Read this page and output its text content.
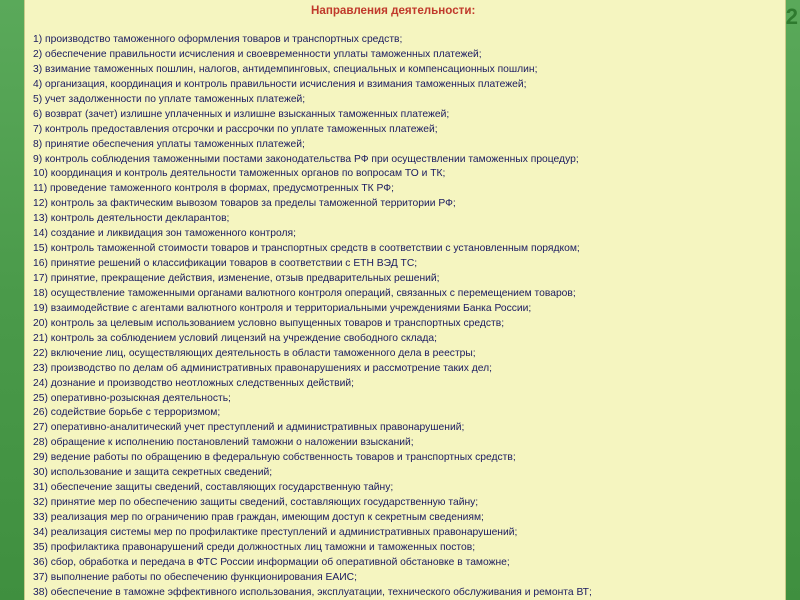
2
Направления деятельности:
1) производство таможенного оформления товаров и транспортных средств;
2) обеспечение правильности исчисления и своевременности уплаты таможенных платежей;
3) взимание таможенных пошлин, налогов, антидемпинговых, специальных и компенсационных пошлин;
4) организация, координация и контроль правильности исчисления и взимания таможенных платежей;
5) учет задолженности по уплате таможенных платежей;
6) возврат (зачет) излишне уплаченных и излишне взысканных таможенных платежей;
7) контроль предоставления отсрочки и рассрочки по уплате таможенных платежей;
8) принятие обеспечения уплаты таможенных платежей;
9) контроль соблюдения таможенными постами законодательства РФ при осуществлении таможенных процедур;
10) координация и контроль деятельности таможенных органов по вопросам ТО и ТК;
11) проведение таможенного контроля в формах, предусмотренных ТК РФ;
12) контроль за фактическим вывозом товаров за пределы таможенной территории РФ;
13) контроль деятельности декларантов;
14) создание и ликвидация зон таможенного контроля;
15) контроль таможенной стоимости товаров и транспортных средств в соответствии с установленным порядком;
16) принятие решений о классификации товаров в соответствии с ЕТН ВЭД ТС;
17) принятие, прекращение действия, изменение, отзыв предварительных решений;
18) осуществление таможенными органами валютного контроля операций, связанных с перемещением товаров;
19) взаимодействие с агентами валютного контроля и территориальными учреждениями Банка России;
20) контроль за целевым использованием условно выпущенных товаров и транспортных средств;
21) контроль за соблюдением условий лицензий на учреждение свободного склада;
22) включение лиц, осуществляющих деятельность в области таможенного дела в реестры;
23) производство по делам об административных правонарушениях и рассмотрение таких дел;
24) дознание и производство неотложных следственных действий;
25) оперативно-розыскная деятельность;
26) содействие борьбе с терроризмом;
27) оперативно-аналитический учет преступлений и административных правонарушений;
28) обращение к исполнению постановлений таможни о наложении взысканий;
29) ведение работы по обращению в федеральную собственность товаров и транспортных средств;
30) использование и защита секретных сведений;
31) обеспечение защиты сведений, составляющих государственную тайну;
32) принятие мер по обеспечению защиты сведений, составляющих государственную тайну;
33) реализация мер по ограничению прав граждан, имеющим доступ к секретным сведениям;
34) реализация системы мер по профилактике преступлений и административных правонарушений;
35) профилактика правонарушений среди должностных лиц таможни и таможенных постов;
36) сбор, обработка и передача в ФТС России информации об оперативной обстановке в таможне;
37) выполнение работы по обеспечению функционирования ЕАИС;
38) обеспечение в таможне эффективного использования, эксплуатации, технического обслуживания и ремонта ВТ;
